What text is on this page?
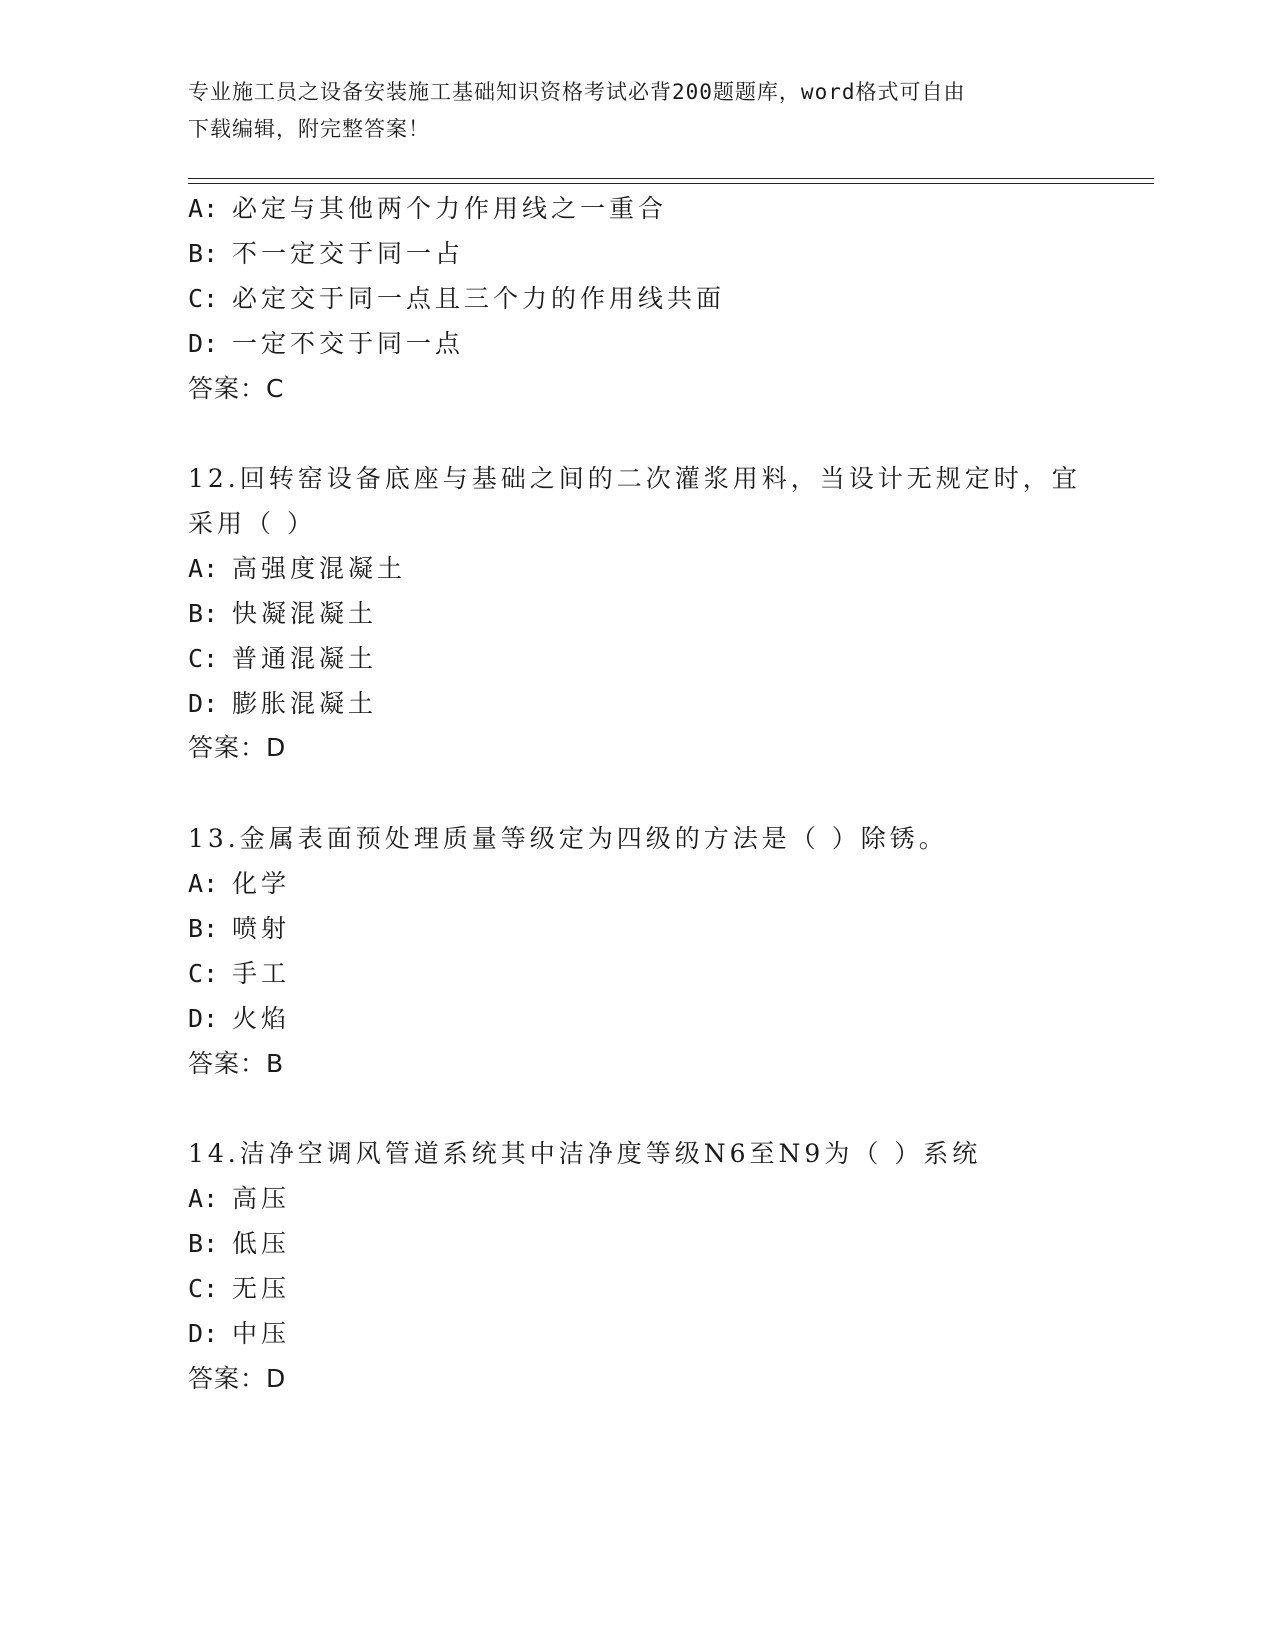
专业施工员之设备安装施工基础知识资格考试必背200题题库，word格式可自由
下载编辑，附完整答案！
A: 必定与其他两个力作用线之一重合
B: 不一定交于同一占
C: 必定交于同一点且三个力的作用线共面
D: 一定不交于同一点
答案：C
12.回转窑设备底座与基础之间的二次灌浆用料，当设计无规定时，宜
采用（ ）
A: 高强度混凝土
B: 快凝混凝土
C: 普通混凝土
D: 膨胀混凝土
答案：D
13.金属表面预处理质量等级定为四级的方法是（ ）除锈。
A: 化学
B: 喷射
C: 手工
D: 火焰
答案：B
14.洁净空调风管道系统其中洁净度等级N6至N9为（ ）系统
A: 高压
B: 低压
C: 无压
D: 中压
答案：D
